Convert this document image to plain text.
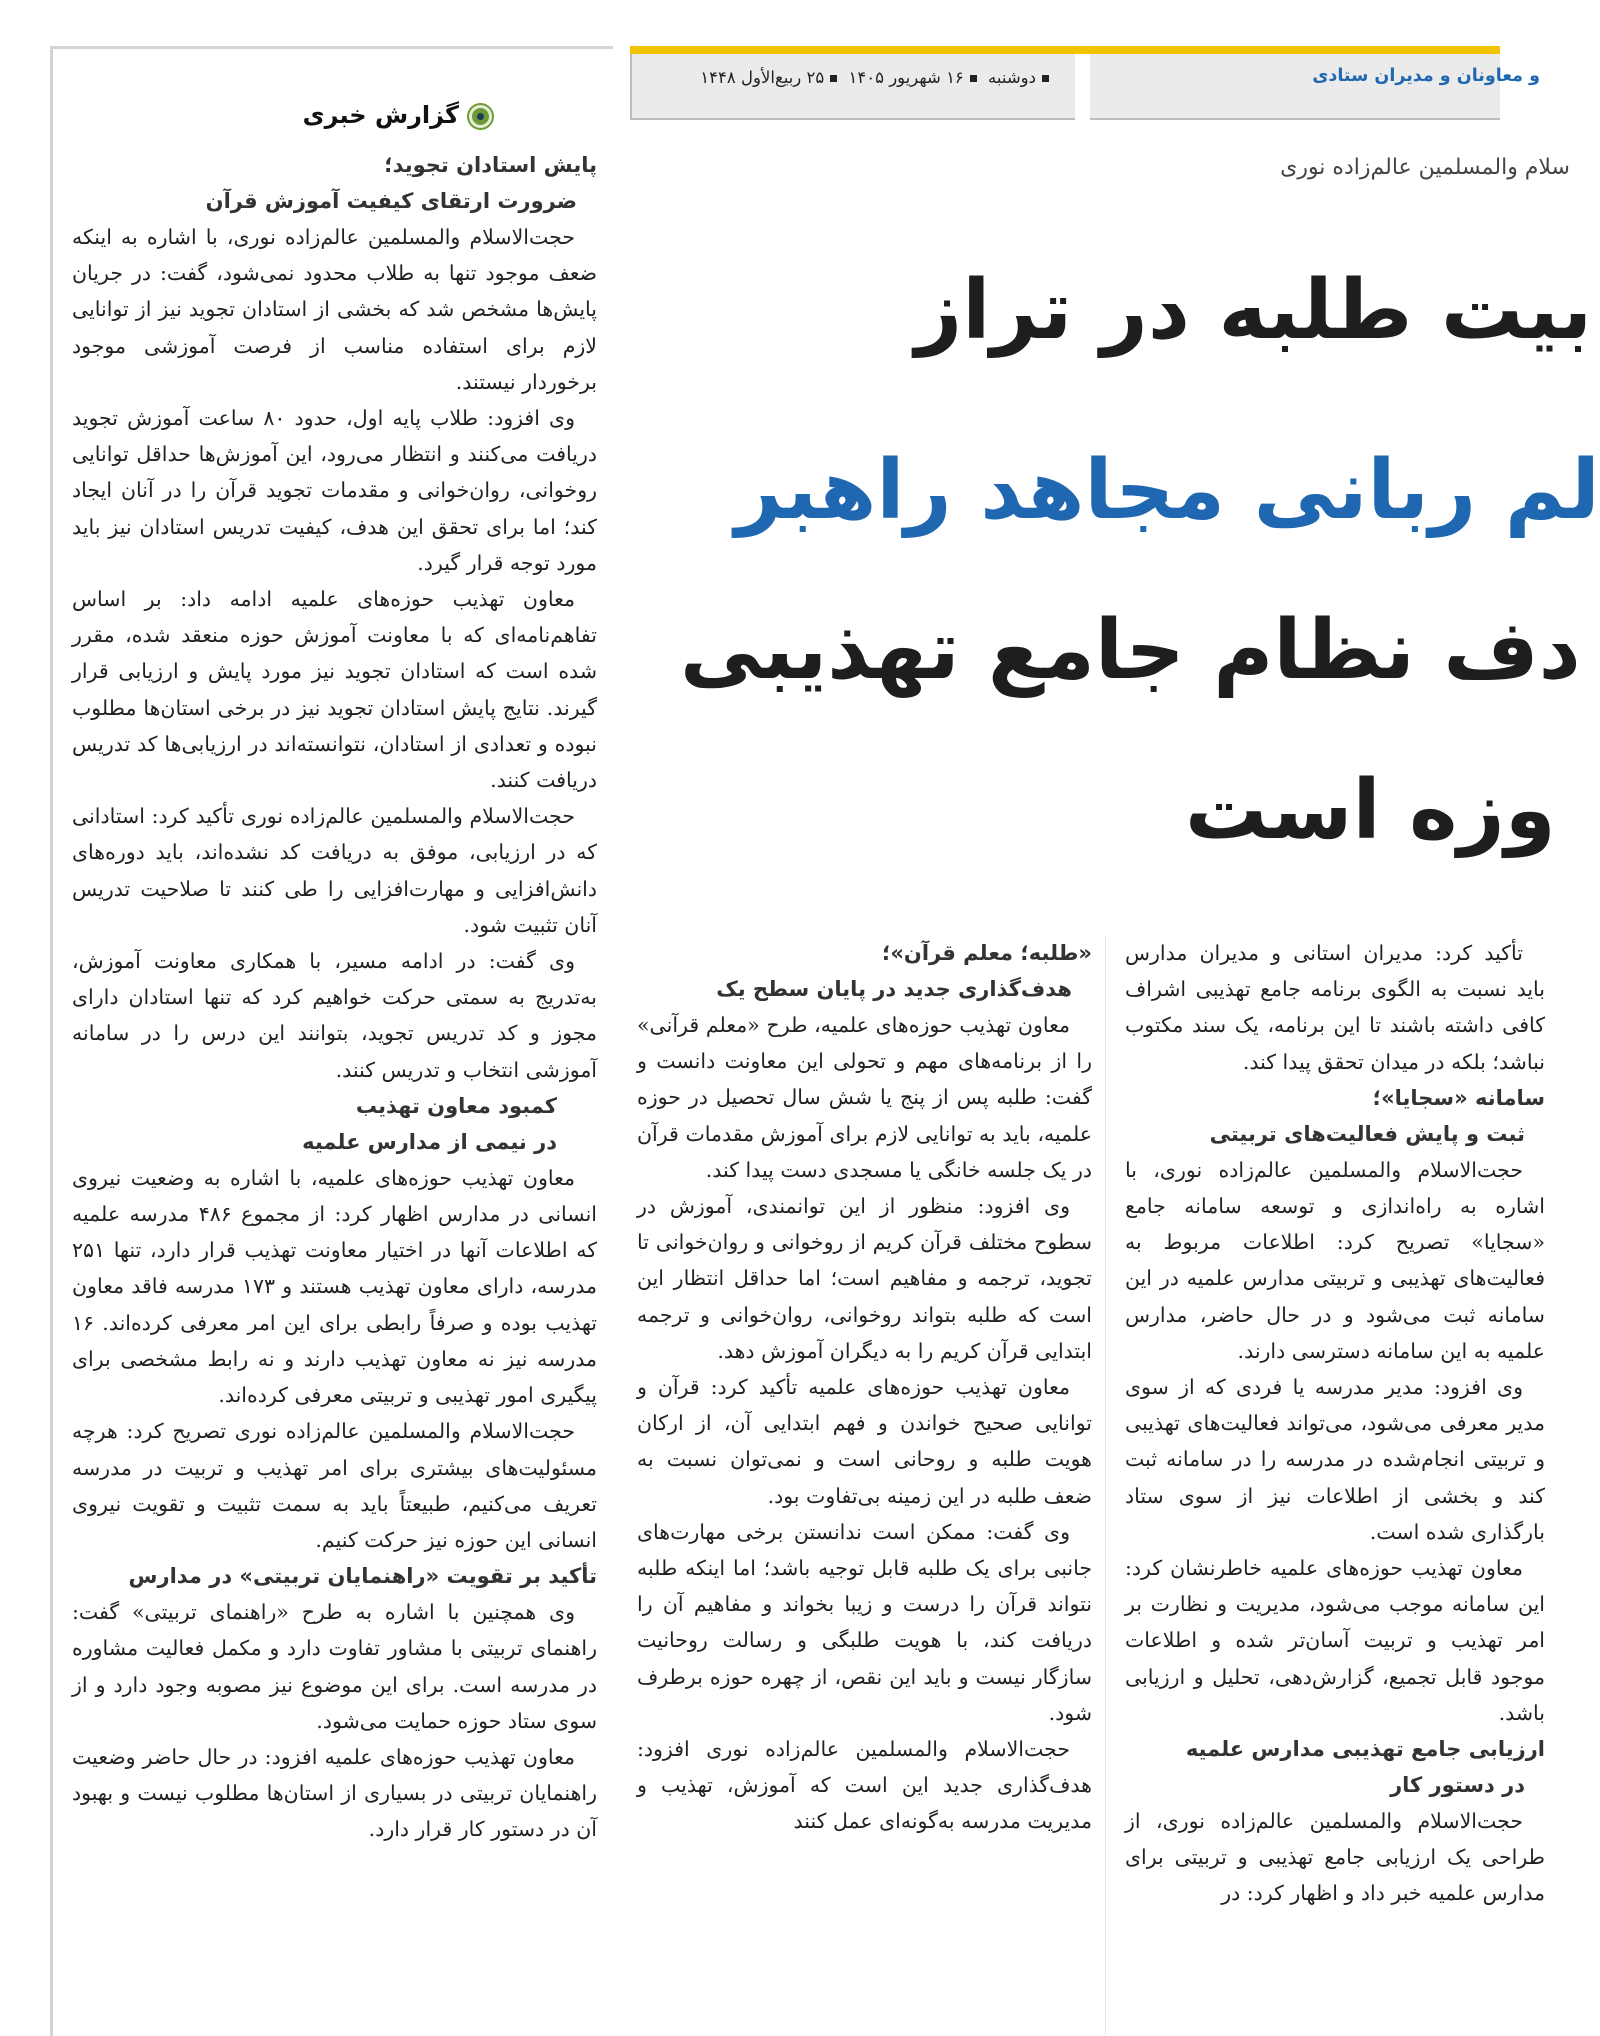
دوشنبه ۱۶ شهریور ۱۴۰۵ ۲۵ ربیع‌الأول ۱۴۴۸	و معاونان و مدیران ستادی
سلام والمسلمین عالم‌زاده نوری
بیت طلبه در تراز
لم ربانی مجاهد راهبر
دف نظام جامع تهذیبی
وزه است
گزارش خبری
پایش استادان تجوید؛
ضرورت ارتقای کیفیت آموزش قرآن

حجت‌الاسلام والمسلمین عالم‌زاده نوری، با اشاره به اینکه ضعف موجود تنها به طلاب محدود نمی‌شود، گفت: در جریان پایش‌ها مشخص شد که بخشی از استادان تجوید نیز از توانایی لازم برای استفاده مناسب از فرصت آموزشی موجود برخوردار نیستند.

وی افزود: طلاب پایه اول، حدود ۸۰ ساعت آموزش تجوید دریافت می‌کنند و انتظار می‌رود، این آموزش‌ها حداقل توانایی روخوانی، روان‌خوانی و مقدمات تجوید قرآن را در آنان ایجاد کند؛ اما برای تحقق این هدف، کیفیت تدریس استادان نیز باید مورد توجه قرار گیرد.

معاون تهذیب حوزه‌های علمیه ادامه داد: بر اساس تفاهم‌نامه‌ای که با معاونت آموزش حوزه منعقد شده، مقرر شده است که استادان تجوید نیز مورد پایش و ارزیابی قرار گیرند. نتایج پایش استادان تجوید نیز در برخی استان‌ها مطلوب نبوده و تعدادی از استادان، نتوانسته‌اند در ارزیابی‌ها کد تدریس دریافت کنند.

حجت‌الاسلام والمسلمین عالم‌زاده نوری تأکید کرد: استادانی که در ارزیابی، موفق به دریافت کد نشده‌اند، باید دوره‌های دانش‌افزایی و مهارت‌افزایی را طی کنند تا صلاحیت تدریس آنان تثبیت شود.

وی گفت: در ادامه مسیر، با همکاری معاونت آموزش، به‌تدریج به سمتی حرکت خواهیم کرد که تنها استادان دارای مجوز و کد تدریس تجوید، بتوانند این درس را در سامانه آموزشی انتخاب و تدریس کنند.

کمبود معاون تهذیب
در نیمی از مدارس علمیه

معاون تهذیب حوزه‌های علمیه، با اشاره به وضعیت نیروی انسانی در مدارس اظهار کرد: از مجموع ۴۸۶ مدرسه علمیه که اطلاعات آنها در اختیار معاونت تهذیب قرار دارد، تنها ۲۵۱ مدرسه، دارای معاون تهذیب هستند و ۱۷۳ مدرسه فاقد معاون تهذیب بوده و صرفاً رابطی برای این امر معرفی کرده‌اند. ۱۶ مدرسه نیز نه معاون تهذیب دارند و نه رابط مشخصی برای پیگیری امور تهذیبی و تربیتی معرفی کرده‌اند.

حجت‌الاسلام والمسلمین عالم‌زاده نوری تصریح کرد: هرچه مسئولیت‌های بیشتری برای امر تهذیب و تربیت در مدرسه تعریف می‌کنیم، طبیعتاً باید به سمت تثبیت و تقویت نیروی انسانی این حوزه نیز حرکت کنیم.

تأکید بر تقویت «راهنمایان تربیتی» در مدارس

وی همچنین با اشاره به طرح «راهنمای تربیتی» گفت: راهنمای تربیتی با مشاور تفاوت دارد و مکمل فعالیت مشاوره در مدرسه است. برای این موضوع نیز مصوبه وجود دارد و از سوی ستاد حوزه حمایت می‌شود.

معاون تهذیب حوزه‌های علمیه افزود: در حال حاضر وضعیت راهنمایان تربیتی در بسیاری از استان‌ها مطلوب نیست و بهبود آن در دستور کار قرار دارد.

«طلبه؛ معلم قرآن»؛
هدف‌گذاری جدید در پایان سطح یک

معاون تهذیب حوزه‌های علمیه، طرح «معلم قرآنی» را از برنامه‌های مهم و تحولی این معاونت دانست و گفت: طلبه پس از پنج یا شش سال تحصیل در حوزه علمیه، باید به توانایی لازم برای آموزش مقدمات قرآن در یک جلسه خانگی یا مسجدی دست پیدا کند.

وی افزود: منظور از این توانمندی، آموزش در سطوح مختلف قرآن کریم از روخوانی و روان‌خوانی تا تجوید، ترجمه و مفاهیم است؛ اما حداقل انتظار این است که طلبه بتواند روخوانی، روان‌خوانی و ترجمه ابتدایی قرآن کریم را به دیگران آموزش دهد.

معاون تهذیب حوزه‌های علمیه تأکید کرد: قرآن و توانایی صحیح خواندن و فهم ابتدایی آن، از ارکان هویت طلبه و روحانی است و نمی‌توان نسبت به ضعف طلبه در این زمینه بی‌تفاوت بود.

وی گفت: ممکن است ندانستن برخی مهارت‌های جانبی برای یک طلبه قابل توجیه باشد؛ اما اینکه طلبه نتواند قرآن را درست و زیبا بخواند و مفاهیم آن را دریافت کند، با هویت طلبگی و رسالت روحانیت سازگار نیست و باید این نقص، از چهره حوزه برطرف شود.

حجت‌الاسلام والمسلمین عالم‌زاده نوری افزود: هدف‌گذاری جدید این است که آموزش، تهذیب و مدیریت مدرسه به‌گونه‌ای عمل کنند

تأکید کرد: مدیران استانی و مدیران مدارس باید نسبت به الگوی برنامه جامع تهذیبی اشراف کافی داشته باشند تا این برنامه، یک سند مکتوب نباشد؛ بلکه در میدان تحقق پیدا کند.

سامانه «سجایا»؛
ثبت و پایش فعالیت‌های تربیتی

حجت‌الاسلام والمسلمین عالم‌زاده نوری، با اشاره به راه‌اندازی و توسعه سامانه جامع «سجایا» تصریح کرد: اطلاعات مربوط به فعالیت‌های تهذیبی و تربیتی مدارس علمیه در این سامانه ثبت می‌شود و در حال حاضر، مدارس علمیه به این سامانه دسترسی دارند.

وی افزود: مدیر مدرسه یا فردی که از سوی مدیر معرفی می‌شود، می‌تواند فعالیت‌های تهذیبی و تربیتی انجام‌شده در مدرسه را در سامانه ثبت کند و بخشی از اطلاعات نیز از سوی ستاد بارگذاری شده است.

معاون تهذیب حوزه‌های علمیه خاطرنشان کرد: این سامانه موجب می‌شود، مدیریت و نظارت بر امر تهذیب و تربیت آسان‌تر شده و اطلاعات موجود قابل تجمیع، گزارش‌دهی، تحلیل و ارزیابی باشد.

ارزیابی جامع تهذیبی مدارس علمیه
در دستور کار

حجت‌الاسلام والمسلمین عالم‌زاده نوری، از طراحی یک ارزیابی جامع تهذیبی و تربیتی برای مدارس علمیه خبر داد و اظهار کرد: در
